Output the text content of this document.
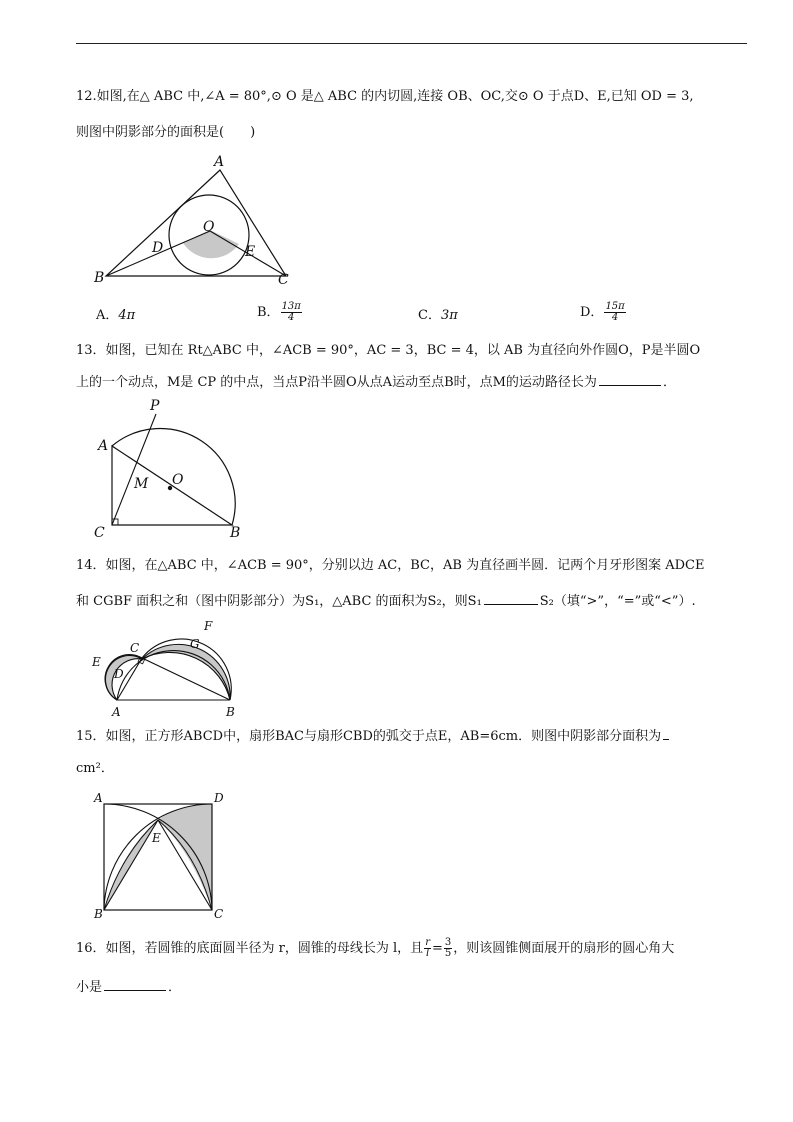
12.如图,在△ ABC 中,∠A = 80°,⊙ O 是△ ABC 的内切圆,连接 OB、OC,交⊙ O 于点D、E,已知 OD = 3,
则图中阴影部分的面积是(　　)
A
B	C
O
D	E
A．4π	B． $\frac{13\pi}{4}$	C．3π	D． $\frac{15\pi}{4}$
13．如图，已知在 Rt△ABC 中，∠ACB = 90°，AC = 3，BC = 4，以 AB 为直径向外作圆O，P是半圆O
上的一个动点，M是 CP 的中点，当点P沿半圆O从点A运动至点B时，点M的运动路径长为	．
P
A
O
M
C	B
14．如图，在△ABC 中，∠ACB = 90°，分别以边 AC，BC，AB 为直径画半圆．记两个月牙形图案 ADCE
和 CGBF 面积之和（图中阴影部分）为S₁，△ABC 的面积为S₂，则S₁	S₂（填“>”，“=”或“<”）.
C
F
G
E
D
A	B
15．如图，正方形ABCD中，扇形BAC与扇形CBD的弧交于点E，AB=6cm．则图中阴影部分面积为
cm²．
A	D
E
B	C
16．如图，若圆锥的底面圆半径为 r，圆锥的母线长为 l，且 $\frac{r}{l} = \frac{3}{5}$ ，则该圆锥侧面展开的扇形的圆心角大
小是	．
